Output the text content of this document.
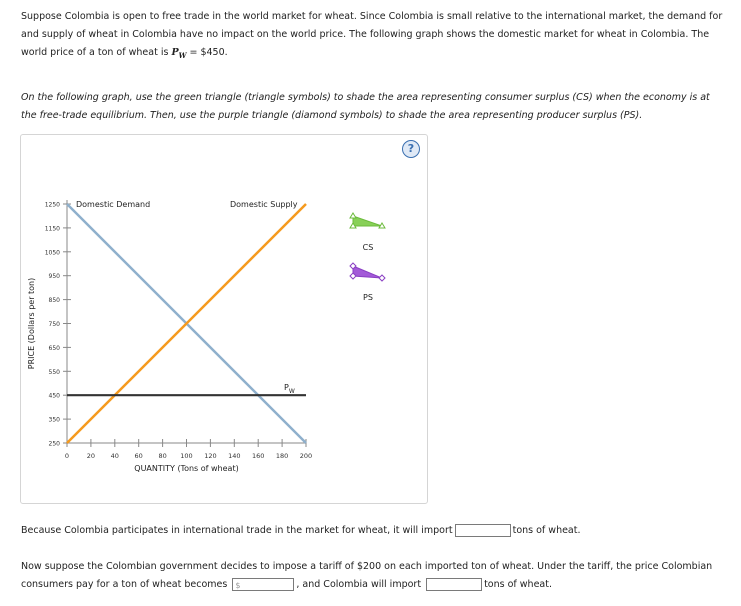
Suppose Colombia is open to free trade in the world market for wheat. Since Colombia is small relative to the international market, the demand for and supply of wheat in Colombia have no impact on the world price. The following graph shows the domestic market for wheat in Colombia. The world price of a ton of wheat is $P_W$ = $450.
On the following graph, use the green triangle (triangle symbols) to shade the area representing consumer surplus (CS) when the economy is at the free-trade equilibrium. Then, use the purple triangle (diamond symbols) to shade the area representing producer surplus (PS).
?
250
350
450
550
650
750
850
950
1050
1150
1250
0	20 40 60 80 100 120 140 160 180 200
PRICE (Dollars per ton)
QUANTITY (Tons of wheat)
Domestic Demand	Domestic Supply
$P_W$
CS
PS
Because Colombia participates in international trade in the market for wheat, it will import	tons of wheat.
Now suppose the Colombian government decides to impose a tariff of $200 on each imported ton of wheat. Under the tariff, the price Colombian consumers pay for a ton of wheat becomes $	, and Colombia will import	tons of wheat.
